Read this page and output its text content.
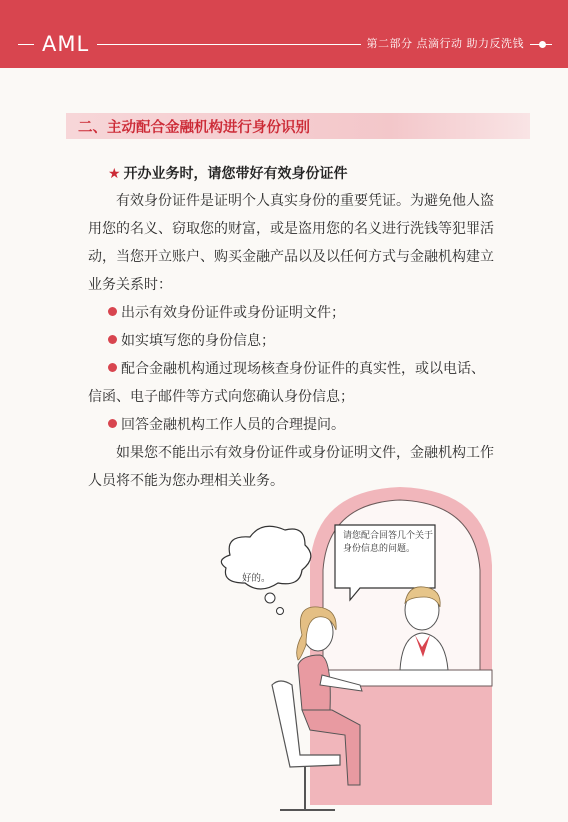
AML	第二部分 点滴行动 助力反洗钱
二、主动配合金融机构进行身份识别
★ 开办业务时，请您带好有效身份证件
有效身份证件是证明个人真实身份的重要凭证。为避免他人盗
用您的名义、窃取您的财富，或是盗用您的名义进行洗钱等犯罪活
动，当您开立账户、购买金融产品以及以任何方式与金融机构建立
业务关系时：
出示有效身份证件或身份证明文件；
如实填写您的身份信息；
配合金融机构通过现场核查身份证件的真实性，或以电话、
信函、电子邮件等方式向您确认身份信息；
回答金融机构工作人员的合理提问。
如果您不能出示有效身份证件或身份证明文件，金融机构工作
人员将不能为您办理相关业务。
请您配合回答几个关于身份信息的问题。
好的。
